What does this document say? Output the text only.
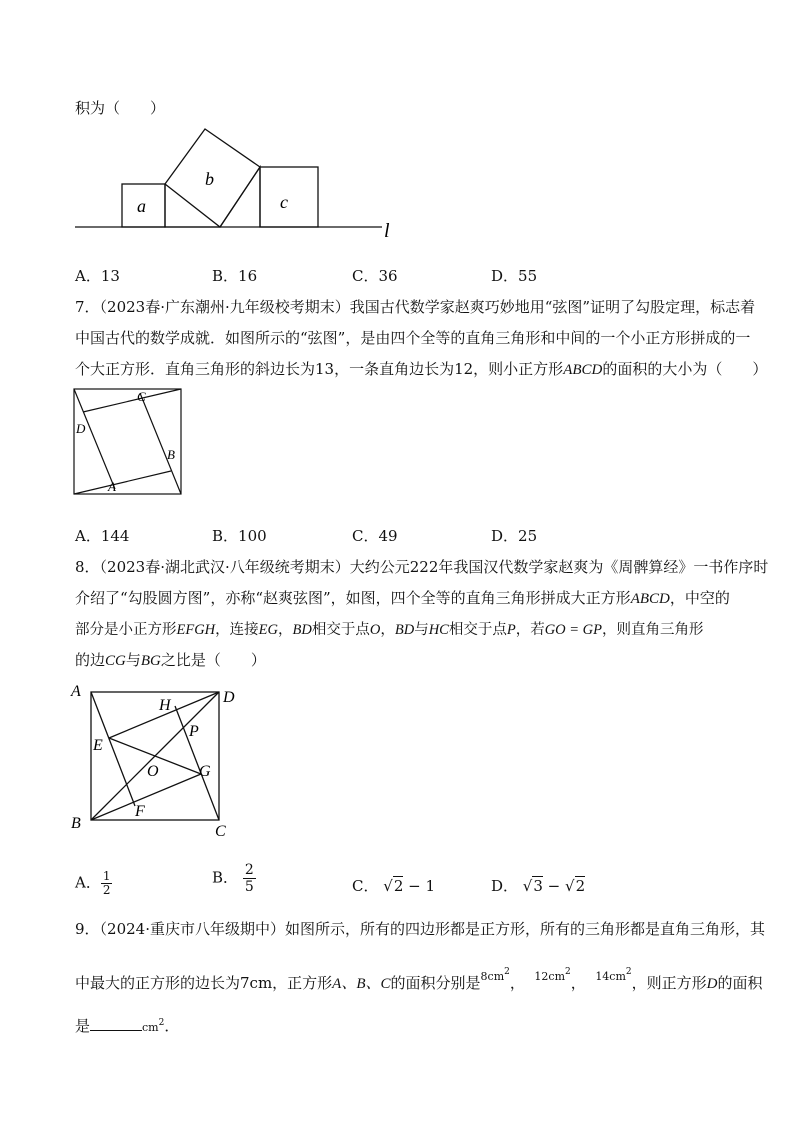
积为（　　）
a
b
c
l
A．13	B．16	C．36	D．55
7．（2023春·广东潮州·九年级校考期末）我国古代数学家赵爽巧妙地用“弦图”证明了勾股定理，标志着
中国古代的数学成就．如图所示的“弦图”，是由四个全等的直角三角形和中间的一个小正方形拼成的一
个大正方形．直角三角形的斜边长为13，一条直角边长为12，则小正方形ABCD的面积的大小为（　　）
C
D
B
A
A．144	B．100	C．49	D．25
8．（2023春·湖北武汉·八年级统考期末）大约公元222年我国汉代数学家赵爽为《周髀算经》一书作序时
介绍了“勾股圆方图”，亦称“赵爽弦图”，如图，四个全等的直角三角形拼成大正方形ABCD，中空的
部分是小正方形EFGH，连接EG，BD相交于点O，BD与HC相交于点P，若GO = GP，则直角三角形
的边CG与BG之比是（　　）
A	D
B	C
H
P
E
O	G
F
A． $\frac{1}{2}$	B． $\frac{2}{5}$	C． √2 − 1	D． √3 − √2
9．（2024·重庆市八年级期中）如图所示，所有的四边形都是正方形，所有的三角形都是直角三角形，其
中最大的正方形的边长为7cm，正方形A、B、C的面积分别是$^{8cm2}$， $^{12cm2}$， $^{14cm2}$，则正方形D的面积
是	$cm^2$．
